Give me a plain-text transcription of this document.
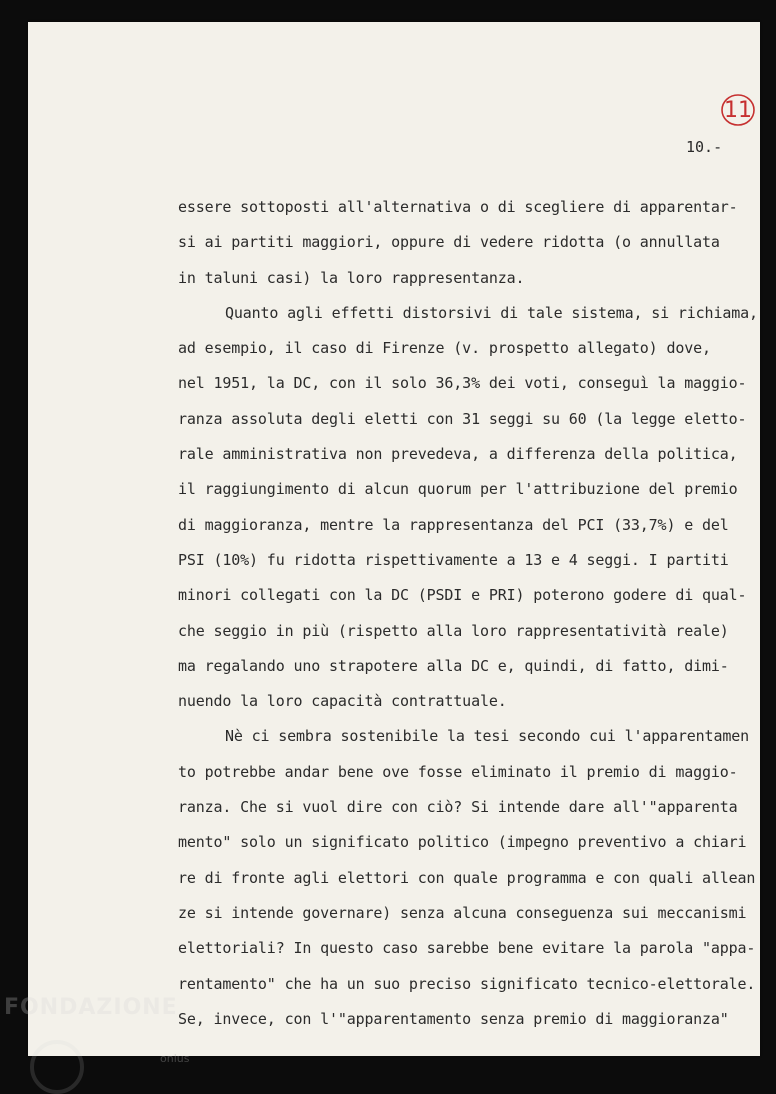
11
10.-
essere sottoposti all'alternativa o di scegliere di apparentar-
si ai partiti maggiori, oppure di vedere ridotta (o annullata
in taluni casi) la loro rappresentanza.
Quanto agli effetti distorsivi di tale sistema, si richiama,
ad esempio, il caso di Firenze (v. prospetto allegato) dove,
nel 1951, la DC, con il solo 36,3% dei voti, conseguì la maggio-
ranza assoluta degli eletti con 31 seggi su 60 (la legge eletto-
rale amministrativa non prevedeva, a differenza della politica,
il raggiungimento di alcun quorum per l'attribuzione del premio
di maggioranza, mentre la rappresentanza del PCI (33,7%) e del
PSI (10%) fu ridotta rispettivamente a 13 e 4 seggi. I partiti
minori collegati con la DC (PSDI e PRI) poterono godere di qual-
che seggio in più (rispetto alla loro rappresentatività reale)
ma regalando uno strapotere alla DC e, quindi, di fatto, dimi-
nuendo la loro capacità contrattuale.
Nè ci sembra sostenibile la tesi secondo cui l'apparentamen
to potrebbe andar bene ove fosse eliminato il premio di maggio-
ranza. Che si vuol dire con ciò? Si intende dare all'"apparenta
mento" solo un significato politico (impegno preventivo a chiari
re di fronte agli elettori con quale programma e con quali allean
ze si intende governare) senza alcuna conseguenza sui meccanismi
elettoriali? In questo caso sarebbe bene evitare la parola "appa-
rentamento" che ha un suo preciso significato tecnico-elettorale.
Se, invece, con l'"apparentamento senza premio di maggioranza"
FONDAZIONE
onlus
